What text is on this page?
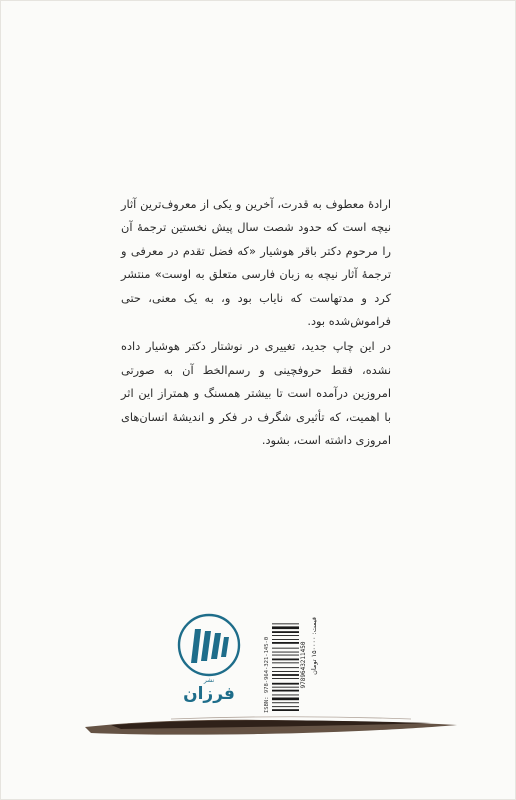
ارادهٔ معطوف به قدرت، آخرین و یکی از معروف‌ترین آثار نیچه است که حدود شصت سال پیش نخستین ترجمهٔ آن را مرحوم دکتر باقر هوشیار «که فضل تقدم در معرفی و ترجمهٔ آثار نیچه به زبان فارسی متعلق به اوست» منتشر کرد و مدتهاست که نایاب بود و، به یک معنی، حتی فراموش‌شده بود.

در این چاپ جدید، تغییری در نوشتار دکتر هوشیار داده نشده، فقط حروفچینی و رسم‌الخط آن به صورتی امروزین درآمده است تا بیشتر همسنگ و همتراز این اثر با اهمیت، که تأثیری شگرف در فکر و اندیشهٔ انسان‌های امروزی داشته است، بشود.

نشر
فرزان	ISBN: 978-964-321-145-0	9789643211450 قیمت: ۱۵۰۰۰۰ تومان
